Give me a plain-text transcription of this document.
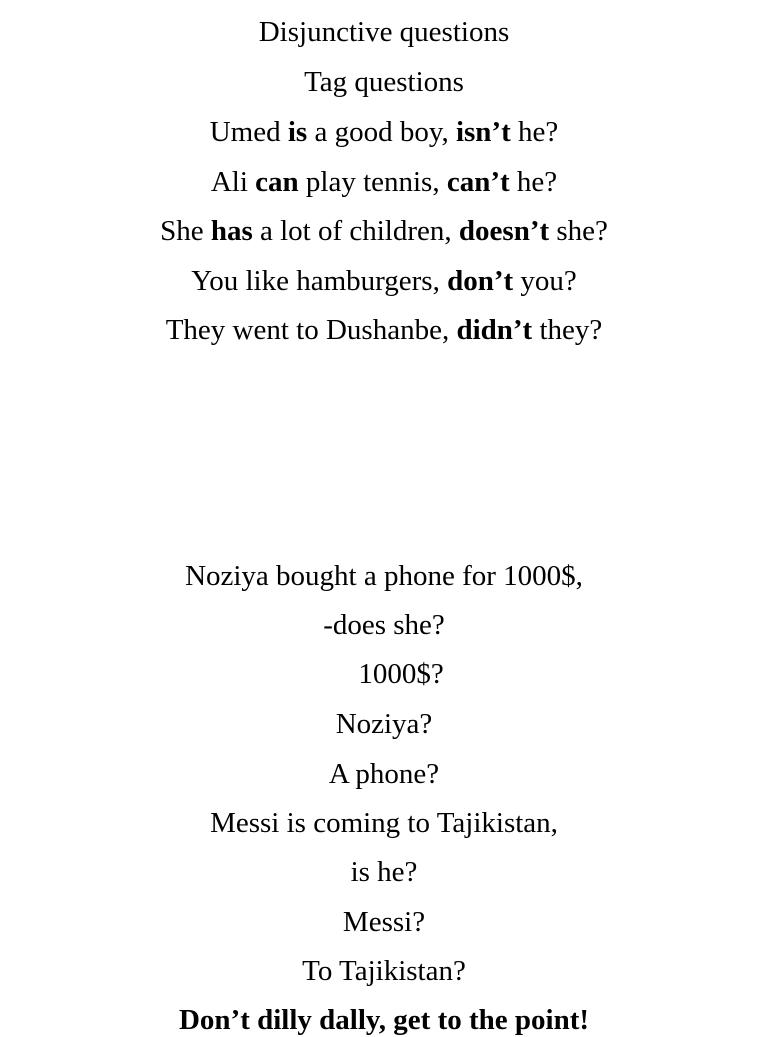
Disjunctive questions
Tag questions
Umed is a good boy, isn’t he?
Ali can play tennis, can’t he?
She has a lot of children, doesn’t she?
You like hamburgers, don’t you?
They went to Dushanbe, didn’t they?
Noziya bought a phone for 1000$,
-does she?
1000$?
Noziya?
A phone?
Messi is coming to Tajikistan,
is he?
Messi?
To Tajikistan?
Don’t dilly dally, get to the point!
